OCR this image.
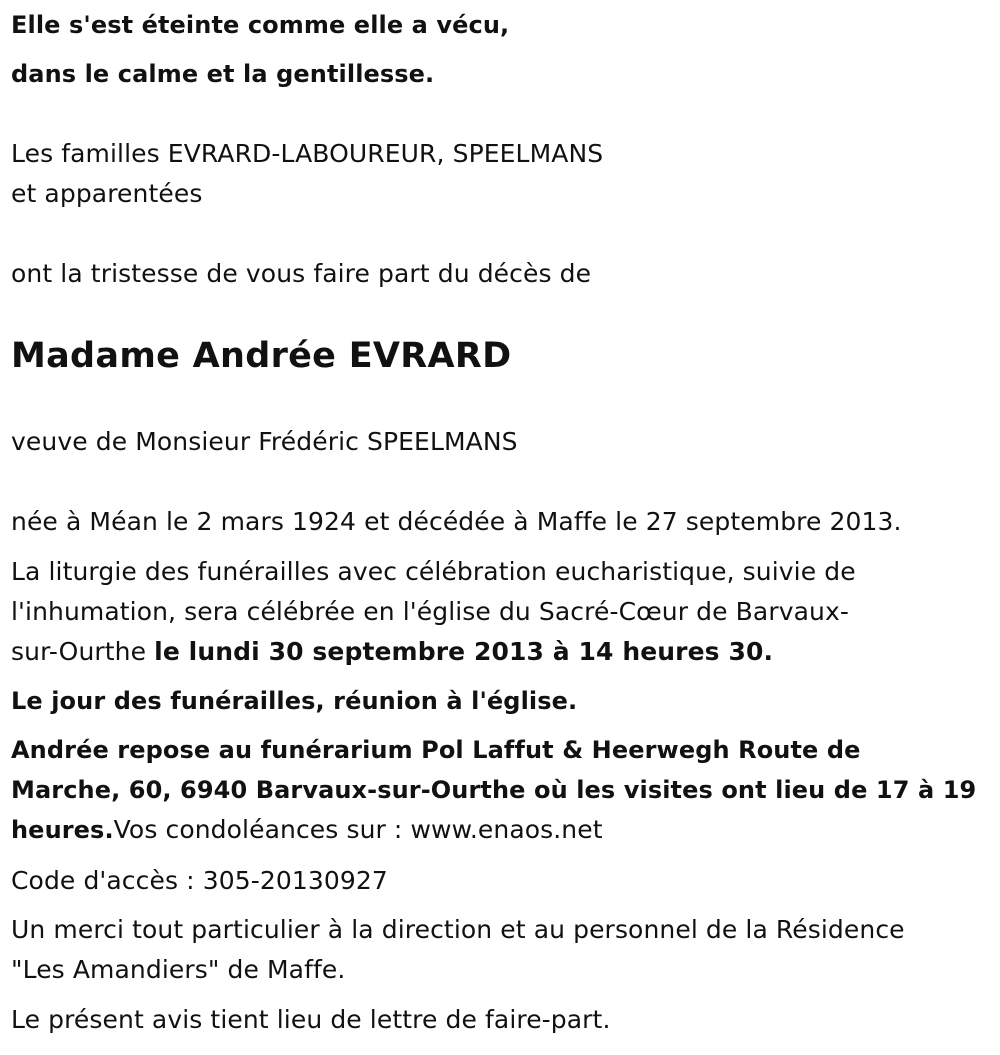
Elle s'est éteinte comme elle a vécu,
dans le calme et la gentillesse.
Les familles EVRARD-LABOUREUR, SPEELMANS
et apparentées
ont la tristesse de vous faire part du décès de
Madame Andrée EVRARD
veuve de Monsieur Frédéric SPEELMANS
née à Méan le 2 mars 1924 et décédée à Maffe le 27 septembre 2013.
La liturgie des funérailles avec célébration eucharistique, suivie de
l'inhumation, sera célébrée en l'église du Sacré-Cœur de Barvaux-
sur-Ourthe le lundi 30 septembre 2013 à 14 heures 30.
Le jour des funérailles, réunion à l'église.
Andrée repose au funérarium Pol Laffut & Heerwegh Route de
Marche, 60, 6940 Barvaux-sur-Ourthe où les visites ont lieu de 17 à 19
heures.Vos condoléances sur : www.enaos.net
Code d'accès : 305-20130927
Un merci tout particulier à la direction et au personnel de la Résidence
"Les Amandiers" de Maffe.
Le présent avis tient lieu de lettre de faire-part.
